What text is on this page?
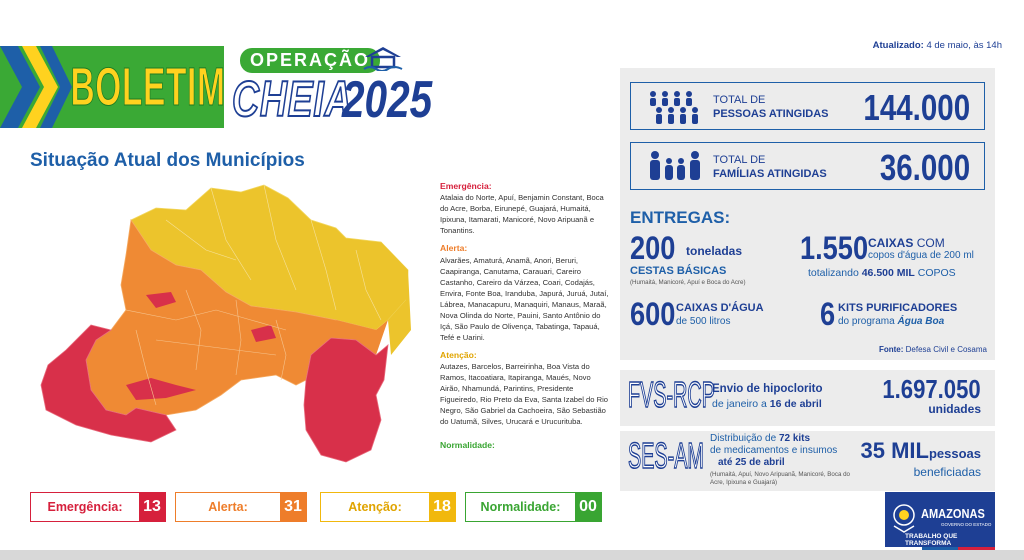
BOLETIM	OPERAÇÃO
CHEIA
2025
Atualizado: 4 de maio, às 14h
Situação Atual dos Municípios
Emergência:
Atalaia do Norte, Apuí, Benjamin Constant, Boca do Acre, Borba, Eirunepé, Guajará, Humaitá, Ipixuna, Itamarati, Manicoré, Novo Aripuanã e Tonantins.
Alerta:
Alvarães, Amaturá, Anamã, Anori, Beruri, Caapiranga, Canutama, Carauari, Careiro Castanho, Careiro da Várzea, Coari, Codajás, Envira, Fonte Boa, Iranduba, Japurá, Juruá, Jutaí, Lábrea, Manacapuru, Manaquiri, Manaus, Maraã, Nova Olinda do Norte, Pauini, Santo Antônio do Içá, São Paulo de Olivença, Tabatinga, Tapauá, Tefé e Uarini.
Atenção:
Autazes, Barcelos, Barreirinha, Boa Vista do Ramos, Itacoatiara, Itapiranga, Maués, Novo Airão, Nhamundá, Parintins, Presidente Figueiredo, Rio Preto da Eva, Santa Izabel do Rio Negro, São Gabriel da Cachoeira, São Sebastião do Uatumã, Silves, Urucará e Urucurituba.
Normalidade:
Emergência:	13	Alerta:	31	Atenção:	18	Normalidade:	00
TOTAL DE
PESSOAS ATINGIDAS 144.000
TOTAL DE
FAMÍLIAS ATINGIDAS 36.000
ENTREGAS:
200 toneladas
CESTAS BÁSICAS
(Humaitá, Manicoré, Apuí e Boca do Acre)
1.550 CAIXAS COM
copos d'água de 200 ml
totalizando 46.500 MIL COPOS
600 CAIXAS D'ÁGUA
de 500 litros	6 KITS PURIFICADORES
do programa Água Boa
Fonte: Defesa Civil e Cosama
FVS-RCP
Envio de hipoclorito
de janeiro a 16 de abril 1.697.050
unidades
SES-AM Distribuição de 72 kits
de medicamentos e insumos
até 25 de abril
(Humaitá, Apuí, Novo Aripuanã, Manicoré, Boca do Acre, Ipixuna e Guajará)
35 MILpessoas
beneficiadas
AMAZONAS
GOVERNO DO ESTADO
TRABALHO QUE TRANSFORMA
